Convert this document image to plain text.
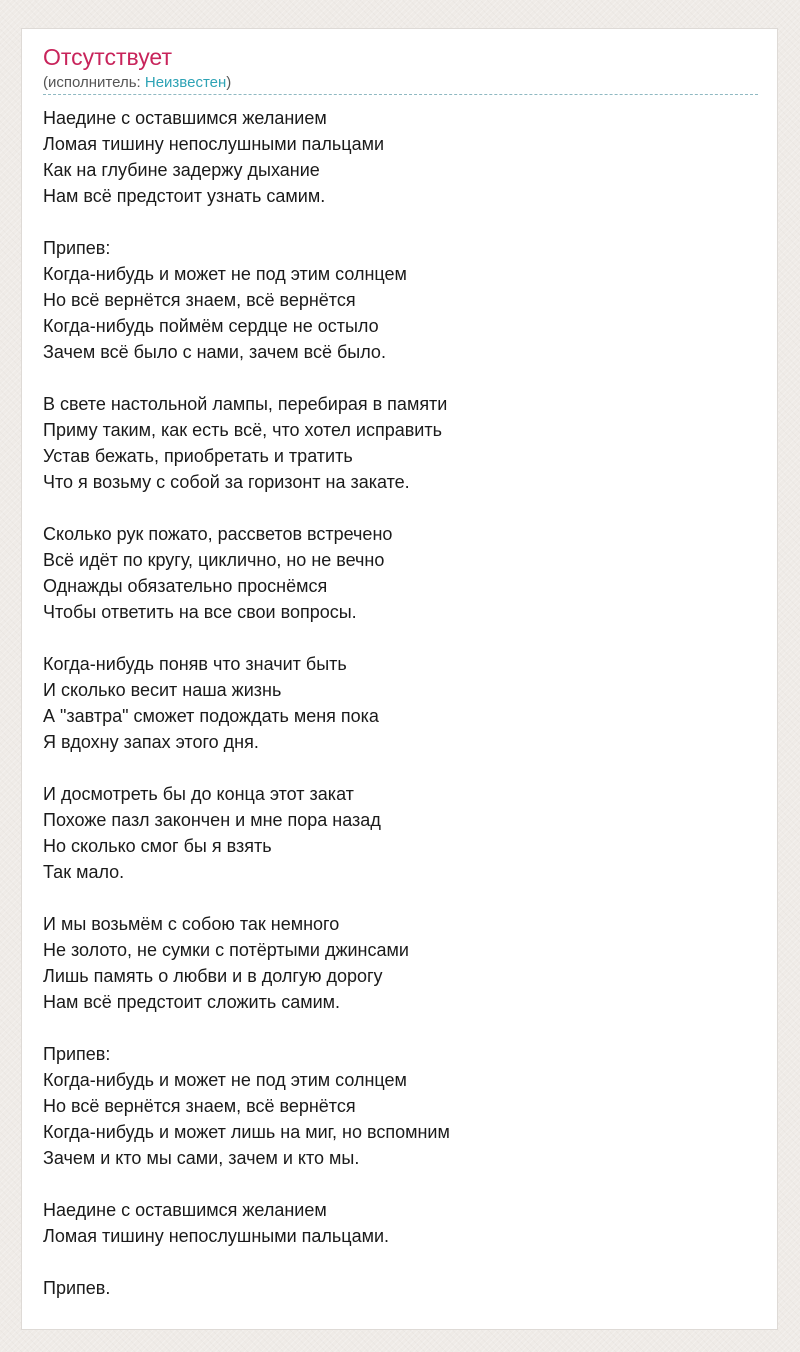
Отсутствует
(исполнитель: Неизвестен)
Наедине с оставшимся желанием
Ломая тишину непослушными пальцами
Как на глубине задержу дыхание
Нам всё предстоит узнать самим.
Припев:
Когда-нибудь и может не под этим солнцем
Но всё вернётся знаем, всё вернётся
Когда-нибудь поймём сердце не остыло
Зачем всё было с нами, зачем всё было.
В свете настольной лампы, перебирая в памяти
Приму таким, как есть всё, что хотел исправить
Устав бежать, приобретать и тратить
Что я возьму с собой за горизонт на закате.
Сколько рук пожато, рассветов встречено
Всё идёт по кругу, циклично, но не вечно
Однажды обязательно проснёмся
Чтобы ответить на все свои вопросы.
Когда-нибудь поняв что значит быть
И сколько весит наша жизнь
А "завтра" сможет подождать меня пока
Я вдохну запах этого дня.
И досмотреть бы до конца этот закат
Похоже пазл закончен и мне пора назад
Но сколько смог бы я взять
Так мало.
И мы возьмём с собою так немного
Не золото, не сумки с потёртыми джинсами
Лишь память о любви и в долгую дорогу
Нам всё предстоит сложить самим.
Припев:
Когда-нибудь и может не под этим солнцем
Но всё вернётся знаем, всё вернётся
Когда-нибудь и может лишь на миг, но вспомним
Зачем и кто мы сами, зачем и кто мы.
Наедине с оставшимся желанием
Ломая тишину непослушными пальцами.
Припев.
